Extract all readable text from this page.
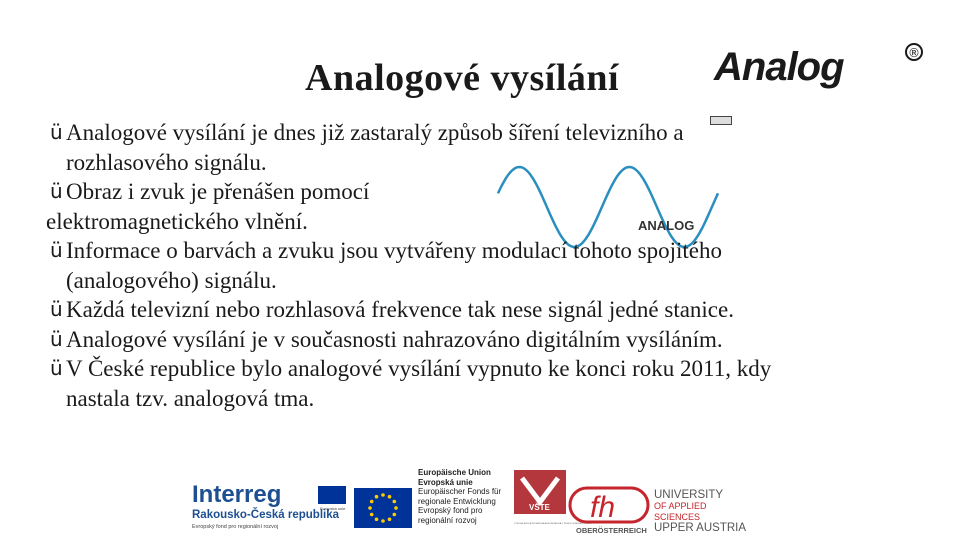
Analogové vysílání Analog	®
ANALOG
ü Analogové vysílání je dnes již zastaralý způsob šíření televizního a
rozhlasového signálu.
ü Obraz i zvuk je přenášen pomocí
elektromagnetického vlnění.
ü Informace o barvách a zvuku jsou vytvářeny modulací tohoto spojitého
(analogového) signálu.
ü Každá televizní nebo rozhlasová frekvence tak nese signál jedné stanice.
ü Analogové vysílání je v současnosti nahrazováno digitálním vysíláním.
ü V České republice bylo analogové vysílání vypnuto ke konci roku 2011, kdy
nastala tzv. analogová tma.
Interreg
Rakousko-Česká republika
Evropská unie
Evropský fond pro regionální rozvoj
Europäische Union
Evropská unie
Europäischer Fonds für
regionale Entwicklung
Evropský fond pro
regionální rozvoj
VŠTE
VYSOKÁ ŠKOLA TECHNICKÁ A EKONOMICKÁ V ČESKÝCH BUDĚJOVICÍCH
fh
OBERÖSTERREICH
UNIVERSITY
OF APPLIED SCIENCES
UPPER AUSTRIA
